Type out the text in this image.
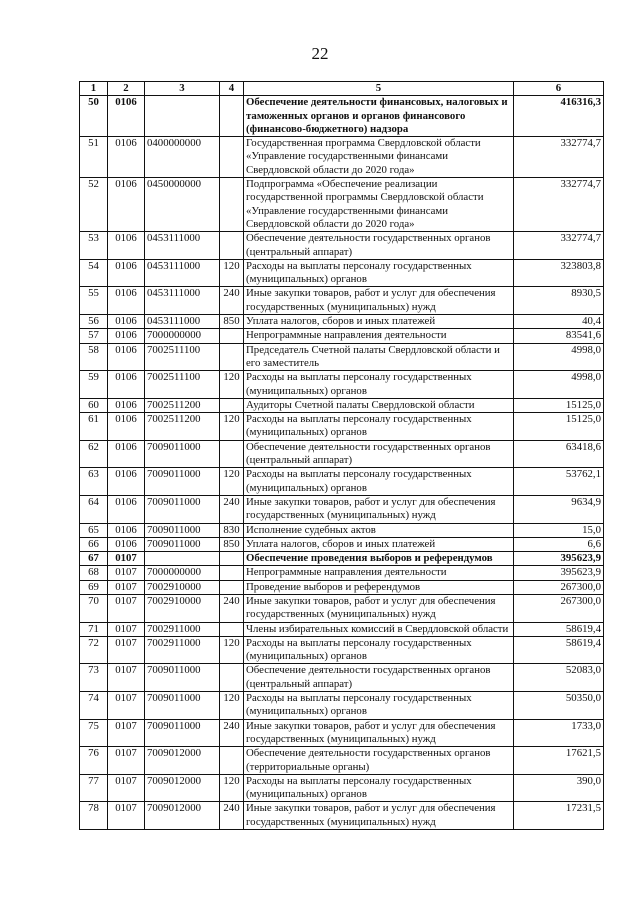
22
1	2	3	4	5	6
50	0106			Обеспечение деятельности финансовых, налоговых и
таможенных органов и органов финансового
(финансово-бюджетного) надзора	416316,3
51	0106	0400000000		Государственная программа Свердловской области
«Управление государственными финансами
Свердловской области до 2020 года»	332774,7
52	0106	0450000000		Подпрограмма «Обеспечение реализации
государственной программы Свердловской области
«Управление государственными финансами
Свердловской области до 2020 года»	332774,7
53	0106	0453111000		Обеспечение деятельности государственных органов
(центральный аппарат)	332774,7
54	0106	0453111000	120	Расходы на выплаты персоналу государственных
(муниципальных) органов	323803,8
55	0106	0453111000	240	Иные закупки товаров, работ и услуг для обеспечения
государственных (муниципальных) нужд	8930,5
56	0106	0453111000	850	Уплата налогов, сборов и иных платежей	40,4
57	0106	7000000000		Непрограммные направления деятельности	83541,6
58	0106	7002511100		Председатель Счетной палаты Свердловской области и
его заместитель	4998,0
59	0106	7002511100	120	Расходы на выплаты персоналу государственных
(муниципальных) органов	4998,0
60	0106	7002511200		Аудиторы Счетной палаты Свердловской области	15125,0
61	0106	7002511200	120	Расходы на выплаты персоналу государственных
(муниципальных) органов	15125,0
62	0106	7009011000		Обеспечение деятельности государственных органов
(центральный аппарат)	63418,6
63	0106	7009011000	120	Расходы на выплаты персоналу государственных
(муниципальных) органов	53762,1
64	0106	7009011000	240	Иные закупки товаров, работ и услуг для обеспечения
государственных (муниципальных) нужд	9634,9
65	0106	7009011000	830	Исполнение судебных актов	15,0
66	0106	7009011000	850	Уплата налогов, сборов и иных платежей	6,6
67	0107			Обеспечение проведения выборов и референдумов	395623,9
68	0107	7000000000		Непрограммные направления деятельности	395623,9
69	0107	7002910000		Проведение выборов и референдумов	267300,0
70	0107	7002910000	240	Иные закупки товаров, работ и услуг для обеспечения
государственных (муниципальных) нужд	267300,0
71	0107	7002911000		Члены избирательных комиссий в Свердловской области	58619,4
72	0107	7002911000	120	Расходы на выплаты персоналу государственных
(муниципальных) органов	58619,4
73	0107	7009011000		Обеспечение деятельности государственных органов
(центральный аппарат)	52083,0
74	0107	7009011000	120	Расходы на выплаты персоналу государственных
(муниципальных) органов	50350,0
75	0107	7009011000	240	Иные закупки товаров, работ и услуг для обеспечения
государственных (муниципальных) нужд	1733,0
76	0107	7009012000		Обеспечение деятельности государственных органов
(территориальные органы)	17621,5
77	0107	7009012000	120	Расходы на выплаты персоналу государственных
(муниципальных) органов	390,0
78	0107	7009012000	240	Иные закупки товаров, работ и услуг для обеспечения
государственных (муниципальных) нужд	17231,5
